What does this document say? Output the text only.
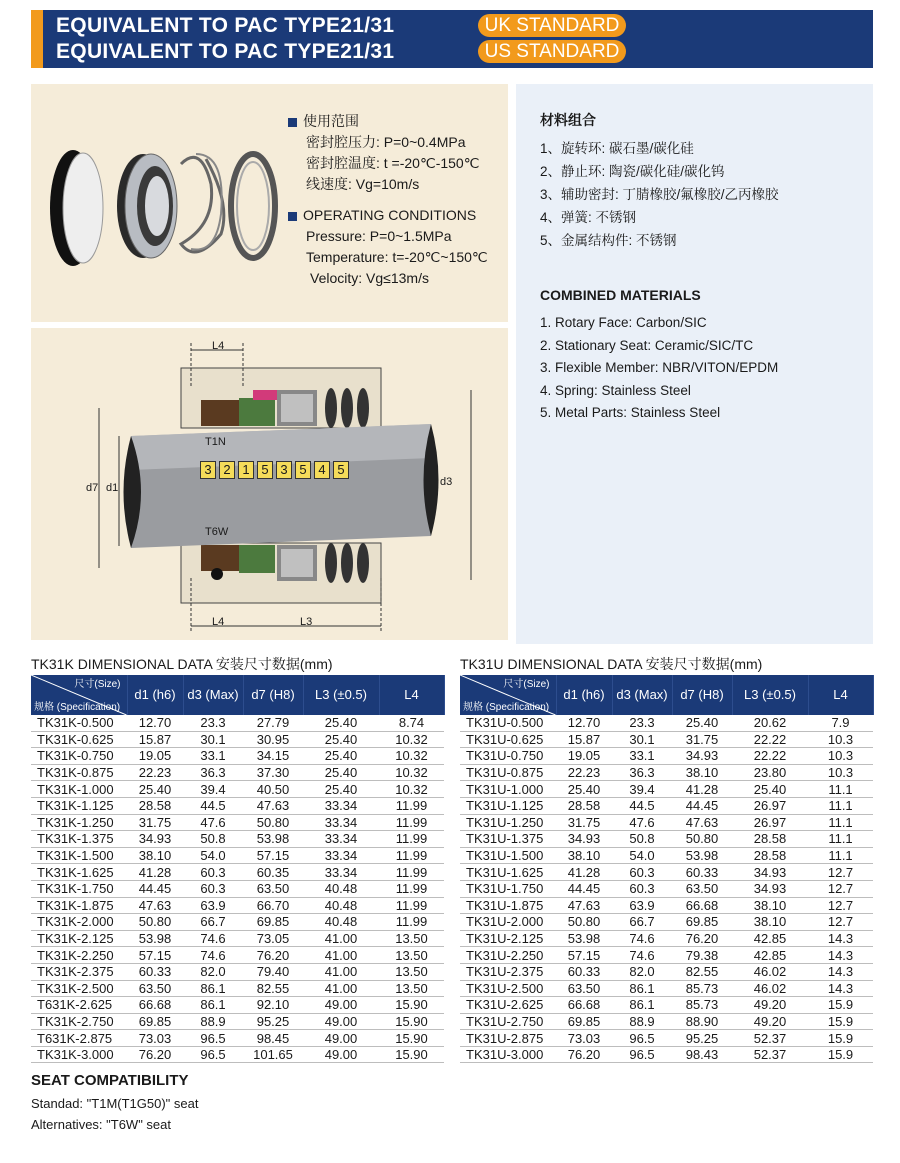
EQUIVALENT TO PAC TYPE21/31
EQUIVALENT TO PAC TYPE21/31
UK STANDARD
US STANDARD
使用范围
密封腔压力: P=0~0.4MPa
密封腔温度: t =-20℃-150℃
线速度: Vg=10m/s
OPERATING CONDITIONS
Pressure: P=0~1.5MPa
Temperature: t=-20℃~150℃
Velocity: Vg≤13m/s
L4
L4	L3
d7 d1	d3
T1N
T6W
3 2 1 5 3 5 4 5
材料组合
1、旋转环: 碳石墨/碳化硅
2、静止环: 陶瓷/碳化硅/碳化钨
3、辅助密封: 丁腈橡胶/氟橡胶/乙丙橡胶
4、弹簧: 不锈钢
5、金属结构件: 不锈钢
COMBINED MATERIALS
1. Rotary Face: Carbon/SIC
2. Stationary Seat: Ceramic/SIC/TC
3. Flexible Member: NBR/VITON/EPDM
4. Spring: Stainless Steel
5. Metal Parts: Stainless Steel
TK31K DIMENSIONAL DATA 安装尺寸数据(mm)
尺寸(Size)
规格 (Specification)	d1 (h6)	d3 (Max)	d7 (H8)	L3 (±0.5)	L4
TK31K-0.500	12.70	23.3	27.79	25.40	8.74
TK31K-0.625	15.87	30.1	30.95	25.40	10.32
TK31K-0.750	19.05	33.1	34.15	25.40	10.32
TK31K-0.875	22.23	36.3	37.30	25.40	10.32
TK31K-1.000	25.40	39.4	40.50	25.40	10.32
TK31K-1.125	28.58	44.5	47.63	33.34	11.99
TK31K-1.250	31.75	47.6	50.80	33.34	11.99
TK31K-1.375	34.93	50.8	53.98	33.34	11.99
TK31K-1.500	38.10	54.0	57.15	33.34	11.99
TK31K-1.625	41.28	60.3	60.35	33.34	11.99
TK31K-1.750	44.45	60.3	63.50	40.48	11.99
TK31K-1.875	47.63	63.9	66.70	40.48	11.99
TK31K-2.000	50.80	66.7	69.85	40.48	11.99
TK31K-2.125	53.98	74.6	73.05	41.00	13.50
TK31K-2.250	57.15	74.6	76.20	41.00	13.50
TK31K-2.375	60.33	82.0	79.40	41.00	13.50
TK31K-2.500	63.50	86.1	82.55	41.00	13.50
T631K-2.625	66.68	86.1	92.10	49.00	15.90
TK31K-2.750	69.85	88.9	95.25	49.00	15.90
T631K-2.875	73.03	96.5	98.45	49.00	15.90
TK31K-3.000	76.20	96.5	101.65	49.00	15.90
TK31U DIMENSIONAL DATA 安装尺寸数据(mm)
尺寸(Size)
规格 (Specification)	d1 (h6)	d3 (Max)	d7 (H8)	L3 (±0.5)	L4
TK31U-0.500	12.70	23.3	25.40	20.62	7.9
TK31U-0.625	15.87	30.1	31.75	22.22	10.3
TK31U-0.750	19.05	33.1	34.93	22.22	10.3
TK31U-0.875	22.23	36.3	38.10	23.80	10.3
TK31U-1.000	25.40	39.4	41.28	25.40	11.1
TK31U-1.125	28.58	44.5	44.45	26.97	11.1
TK31U-1.250	31.75	47.6	47.63	26.97	11.1
TK31U-1.375	34.93	50.8	50.80	28.58	11.1
TK31U-1.500	38.10	54.0	53.98	28.58	11.1
TK31U-1.625	41.28	60.3	60.33	34.93	12.7
TK31U-1.750	44.45	60.3	63.50	34.93	12.7
TK31U-1.875	47.63	63.9	66.68	38.10	12.7
TK31U-2.000	50.80	66.7	69.85	38.10	12.7
TK31U-2.125	53.98	74.6	76.20	42.85	14.3
TK31U-2.250	57.15	74.6	79.38	42.85	14.3
TK31U-2.375	60.33	82.0	82.55	46.02	14.3
TK31U-2.500	63.50	86.1	85.73	46.02	14.3
TK31U-2.625	66.68	86.1	85.73	49.20	15.9
TK31U-2.750	69.85	88.9	88.90	49.20	15.9
TK31U-2.875	73.03	96.5	95.25	52.37	15.9
TK31U-3.000	76.20	96.5	98.43	52.37	15.9
SEAT COMPATIBILITY
Standad: "T1M(T1G50)" seat
Alternatives: "T6W" seat
